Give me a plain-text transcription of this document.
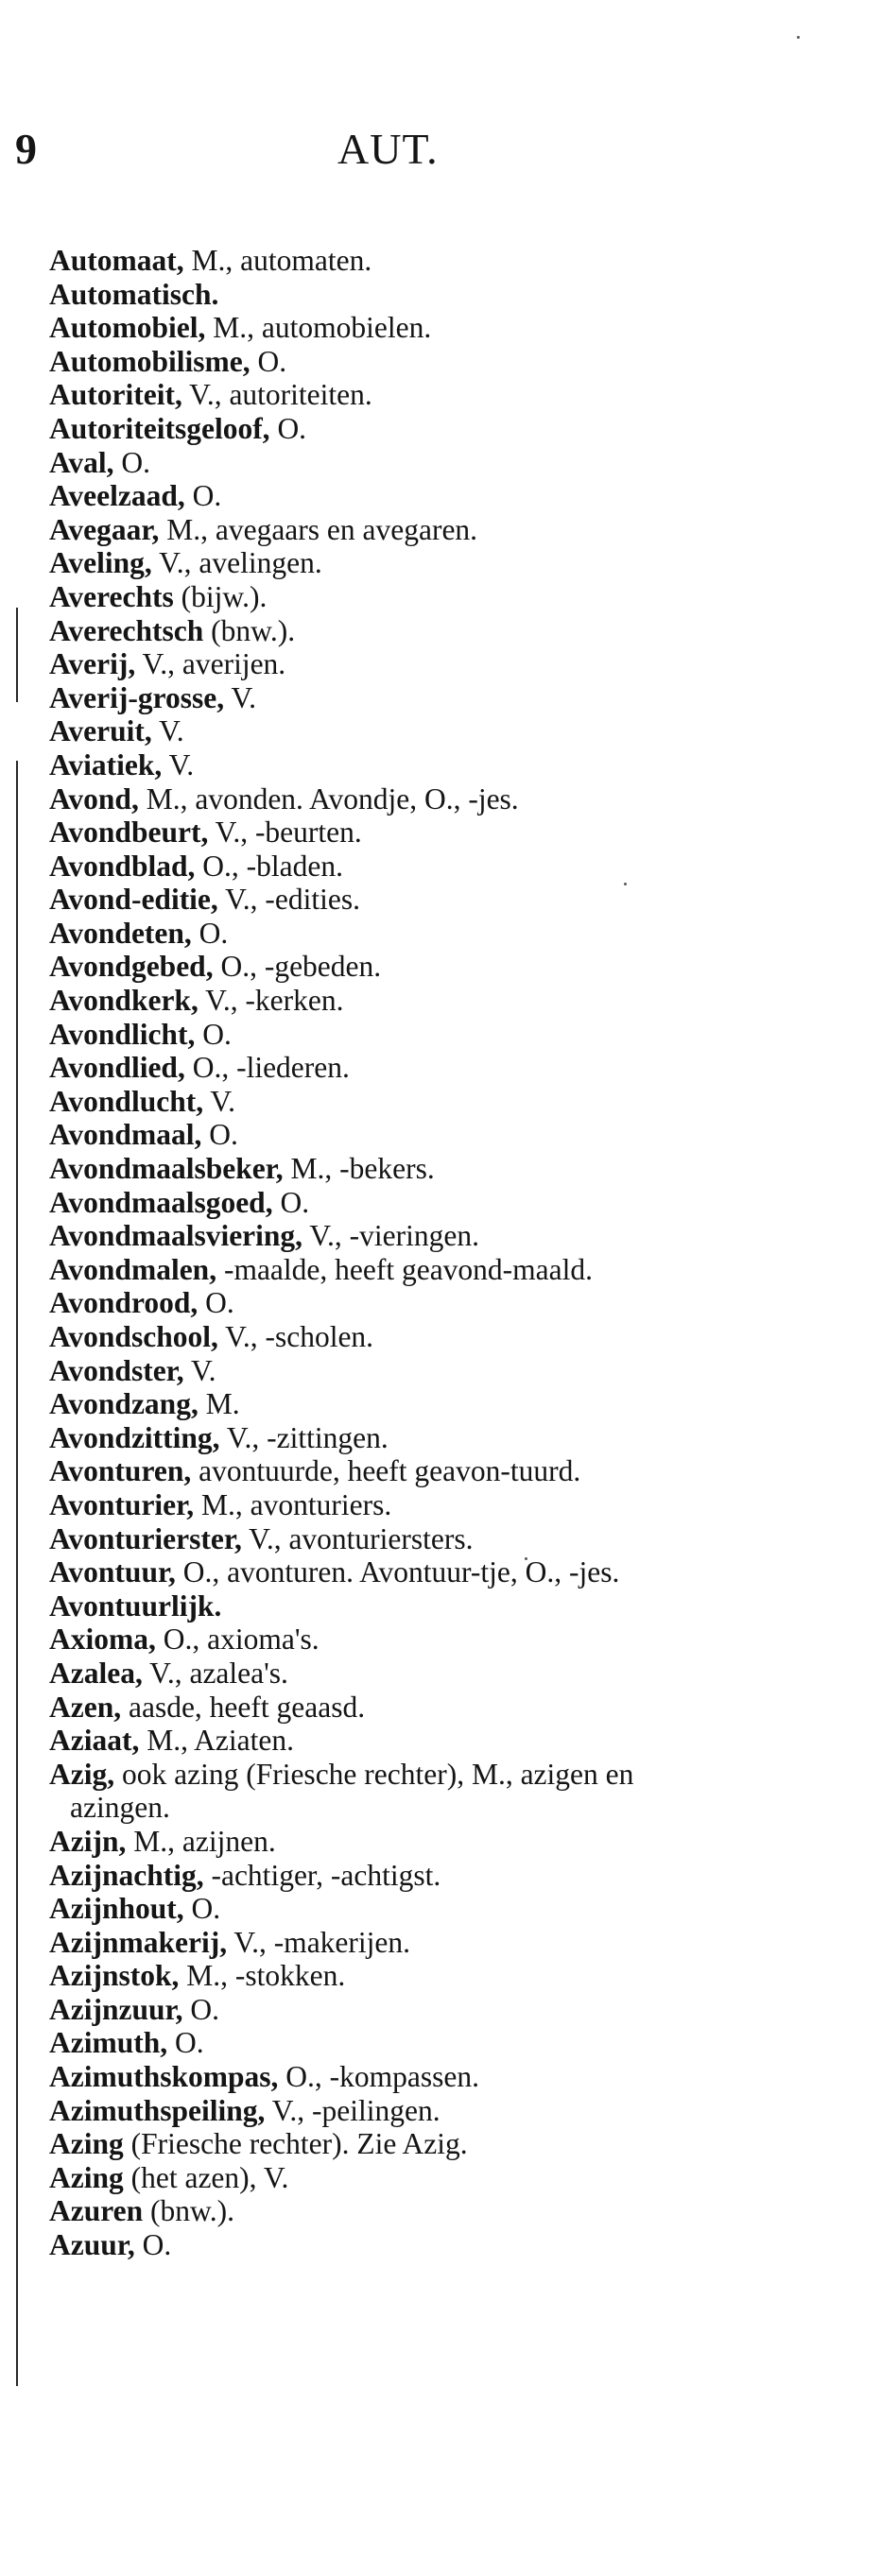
9	AUT.
Automaat, M., automaten.
Automatisch.
Automobiel, M., automobielen.
Automobilisme, O.
Autoriteit, V., autoriteiten.
Autoriteitsgeloof, O.
Aval, O.
Aveelzaad, O.
Avegaar, M., avegaars en avegaren.
Aveling, V., avelingen.
Averechts (bijw.).
Averechtsch (bnw.).
Averij, V., averijen.
Averij-grosse, V.
Averuit, V.
Aviatiek, V.
Avond, M., avonden. Avondje, O., -jes.
Avondbeurt, V., -beurten.
Avondblad, O., -bladen.
Avond-editie, V., -edities.
Avondeten, O.
Avondgebed, O., -gebeden.
Avondkerk, V., -kerken.
Avondlicht, O.
Avondlied, O., -liederen.
Avondlucht, V.
Avondmaal, O.
Avondmaalsbeker, M., -bekers.
Avondmaalsgoed, O.
Avondmaalsviering, V., -vieringen.
Avondmalen, -maalde, heeft geavond-maald.
Avondrood, O.
Avondschool, V., -scholen.
Avondster, V.
Avondzang, M.
Avondzitting, V., -zittingen.
Avonturen, avontuurde, heeft geavon-tuurd.
Avonturier, M., avonturiers.
Avonturierster, V., avonturiersters.
Avontuur, O., avonturen. Avontuur-tje, O., -jes.
Avontuurlijk.
Axioma, O., axioma's.
Azalea, V., azalea's.
Azen, aasde, heeft geaasd.
Aziaat, M., Aziaten.
Azig, ook azing (Friesche rechter), M., azigen en azingen.
Azijn, M., azijnen.
Azijnachtig, -achtiger, -achtigst.
Azijnhout, O.
Azijnmakerij, V., -makerijen.
Azijnstok, M., -stokken.
Azijnzuur, O.
Azimuth, O.
Azimuthskompas, O., -kompassen.
Azimuthspeiling, V., -peilingen.
Azing (Friesche rechter). Zie Azig.
Azing (het azen), V.
Azuren (bnw.).
Azuur, O.
